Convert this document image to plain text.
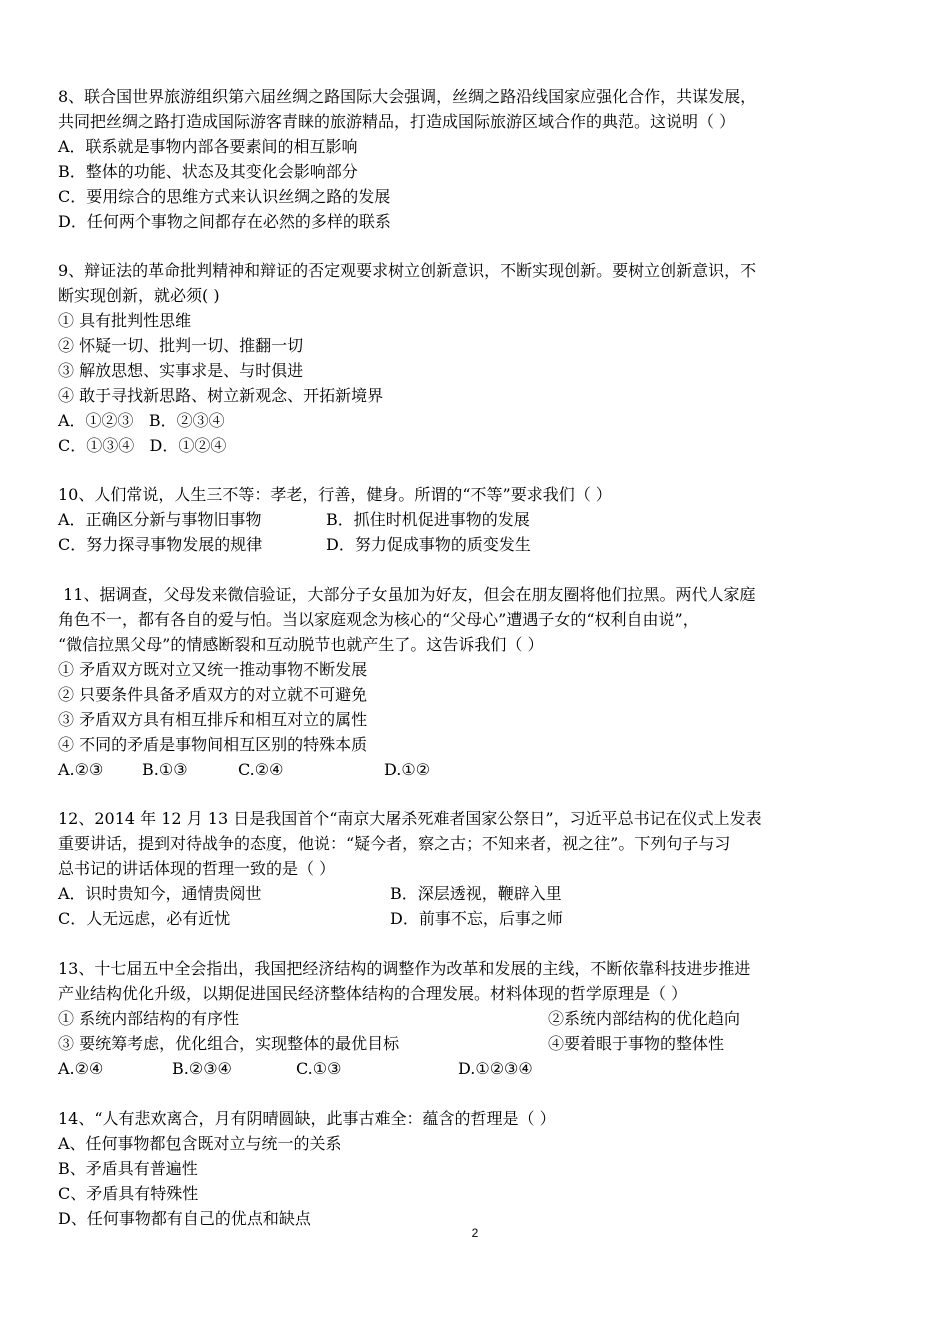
8、联合国世界旅游组织第六届丝绸之路国际大会强调，丝绸之路沿线国家应强化合作，共谋发展，
共同把丝绸之路打造成国际游客青睐的旅游精品，打造成国际旅游区域合作的典范。这说明（ ）
A．联系就是事物内部各要素间的相互影响
B．整体的功能、状态及其变化会影响部分
C．要用综合的思维方式来认识丝绸之路的发展
D．任何两个事物之间都存在必然的多样的联系
9、辩证法的革命批判精神和辩证的否定观要求树立创新意识，不断实现创新。要树立创新意识，不
断实现创新，就必须( )
① 具有批判性思维
② 怀疑一切、批判一切、推翻一切
③ 解放思想、实事求是、与时俱进
④ 敢于寻找新思路、树立新观念、开拓新境界
A．①②③   B．②③④
C．①③④   D．①②④
10、人们常说，人生三不等：孝老，行善，健身。所谓的“不等”要求我们（ ）
A．正确区分新与事物旧事物	B．抓住时机促进事物的发展
C．努力探寻事物发展的规律	D．努力促成事物的质变发生
11、据调查，父母发来微信验证，大部分子女虽加为好友，但会在朋友圈将他们拉黑。两代人家庭
角色不一，都有各自的爱与怕。当以家庭观念为核心的“父母心”遭遇子女的“权利自由说”，
“微信拉黑父母”的情感断裂和互动脱节也就产生了。这告诉我们（ ）
① 矛盾双方既对立又统一推动事物不断发展
② 只要条件具备矛盾双方的对立就不可避免
③ 矛盾双方具有相互排斥和相互对立的属性
④ 不同的矛盾是事物间相互区别的特殊本质
A.②③	B.①③	C.②④	D.①②
12、2014 年 12 月 13 日是我国首个“南京大屠杀死难者国家公祭日”，习近平总书记在仪式上发表
重要讲话，提到对待战争的态度，他说：“疑今者，察之古；不知来者，视之往”。下列句子与习
总书记的讲话体现的哲理一致的是（ ）
A．识时贵知今，通情贵阅世	B．深层透视，鞭辟入里
C．人无远虑，必有近忧	D．前事不忘，后事之师
13、十七届五中全会指出，我国把经济结构的调整作为改革和发展的主线，不断依靠科技进步推进
产业结构优化升级，以期促进国民经济整体结构的合理发展。材料体现的哲学原理是（ ）
① 系统内部结构的有序性	②系统内部结构的优化趋向
③ 要统筹考虑，优化组合，实现整体的最优目标	④要着眼于事物的整体性
A.②④	B.②③④	C.①③	D.①②③④
14、“人有悲欢离合，月有阴晴圆缺，此事古难全：蕴含的哲理是（ ）
A、任何事物都包含既对立与统一的关系
B、矛盾具有普遍性
C、矛盾具有特殊性
D、任何事物都有自己的优点和缺点
2
